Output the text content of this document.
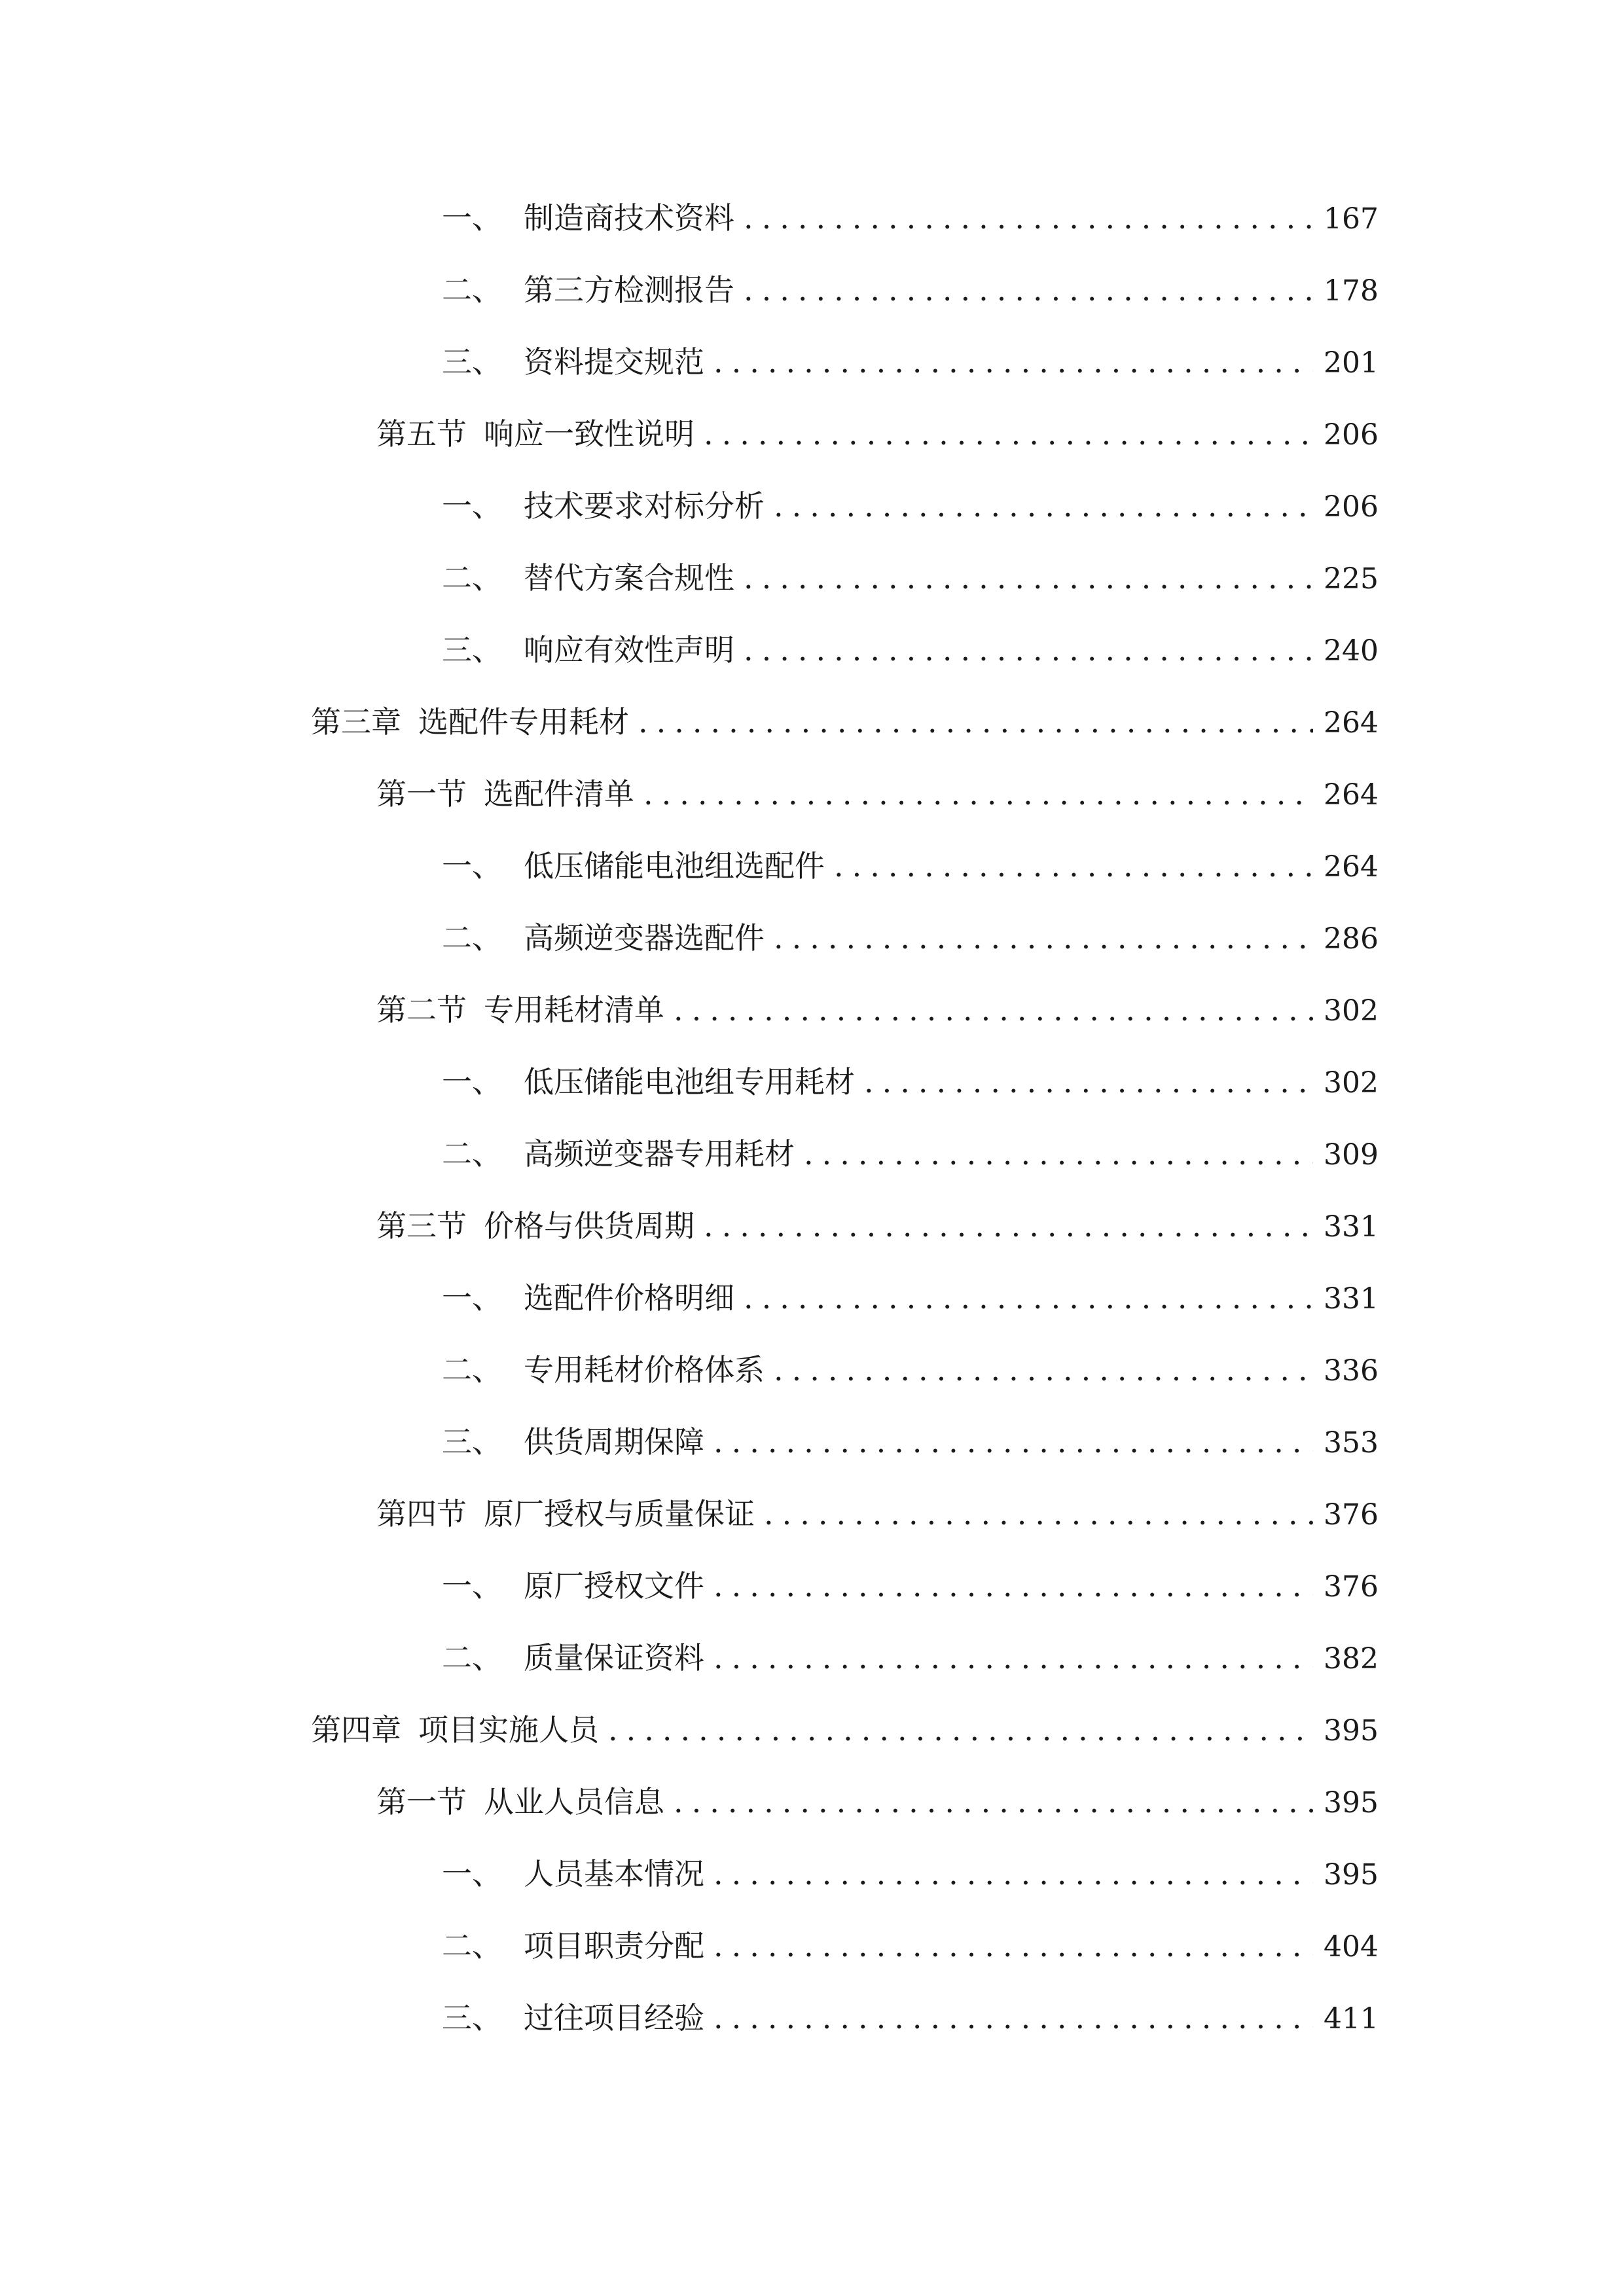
一、 制造商技术资料 .....	167
二、 第三方检测报告 .....	178
三、 资料提交规范 .....	201
第五节 响应一致性说明 .....	206
一、 技术要求对标分析 .....	206
二、 替代方案合规性 .....	225
三、 响应有效性声明 .....	240
第三章 选配件专用耗材 .....	264
第一节 选配件清单 .....	264
一、 低压储能电池组选配件 .....	264
二、 高频逆变器选配件 .....	286
第二节 专用耗材清单 .....	302
一、 低压储能电池组专用耗材 .....	302
二、 高频逆变器专用耗材 .....	309
第三节 价格与供货周期 .....	331
一、 选配件价格明细 .....	331
二、 专用耗材价格体系 .....	336
三、 供货周期保障 .....	353
第四节 原厂授权与质量保证 .....	376
一、 原厂授权文件 .....	376
二、 质量保证资料 .....	382
第四章 项目实施人员 .....	395
第一节 从业人员信息 .....	395
一、 人员基本情况 .....	395
二、 项目职责分配 .....	404
三、 过往项目经验 .....	411
